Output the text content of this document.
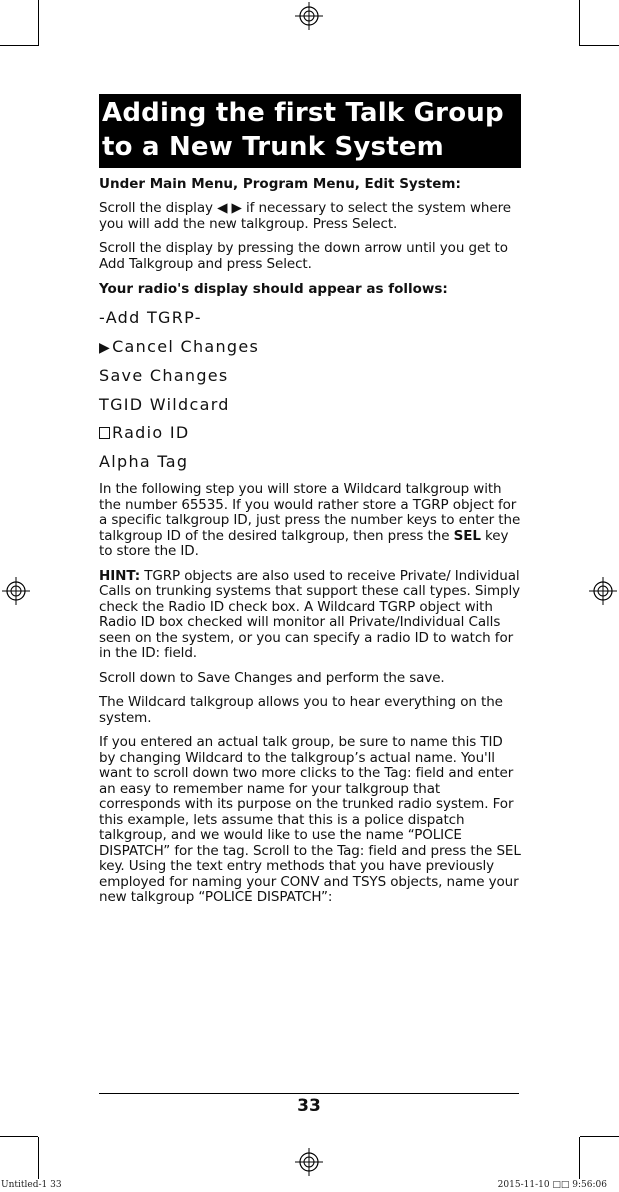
Adding the first Talk Group to a New Trunk System
Under Main Menu, Program Menu, Edit System:

Scroll the display ◀ ▶ if necessary to select the system where you will add the new talkgroup. Press Select.

Scroll the display by pressing the down arrow until you get to Add Talkgroup and press Select.

Your radio's display should appear as follows:
-Add TGRP-
▶Cancel Changes
Save Changes
TGID Wildcard
Radio ID
Alpha Tag

In the following step you will store a Wildcard talkgroup with the number 65535. If you would rather store a TGRP object for a specific talkgroup ID, just press the number keys to enter the talkgroup ID of the desired talkgroup, then press the SEL key to store the ID.

HINT: TGRP objects are also used to receive Private/ Individual Calls on trunking systems that support these call types. Simply check the Radio ID check box. A Wildcard TGRP object with Radio ID box checked will monitor all Private/Individual Calls seen on the system, or you can specify a radio ID to watch for in the ID: field.

Scroll down to Save Changes and perform the save.

The Wildcard talkgroup allows you to hear everything on the system.

If you entered an actual talk group, be sure to name this TID by changing Wildcard to the talkgroup’s actual name. You'll want to scroll down two more clicks to the Tag: field and enter an easy to remember name for your talkgroup that corresponds with its purpose on the trunked radio system. For this example, lets assume that this is a police dispatch talkgroup, and we would like to use the name “POLICE DISPATCH” for the tag. Scroll to the Tag: field and press the SEL key. Using the text entry methods that you have previously employed for naming your CONV and TSYS objects, name your new talkgroup “POLICE DISPATCH”:

33
Untitled-1 33	2015-11-10 □□ 9:56:06
